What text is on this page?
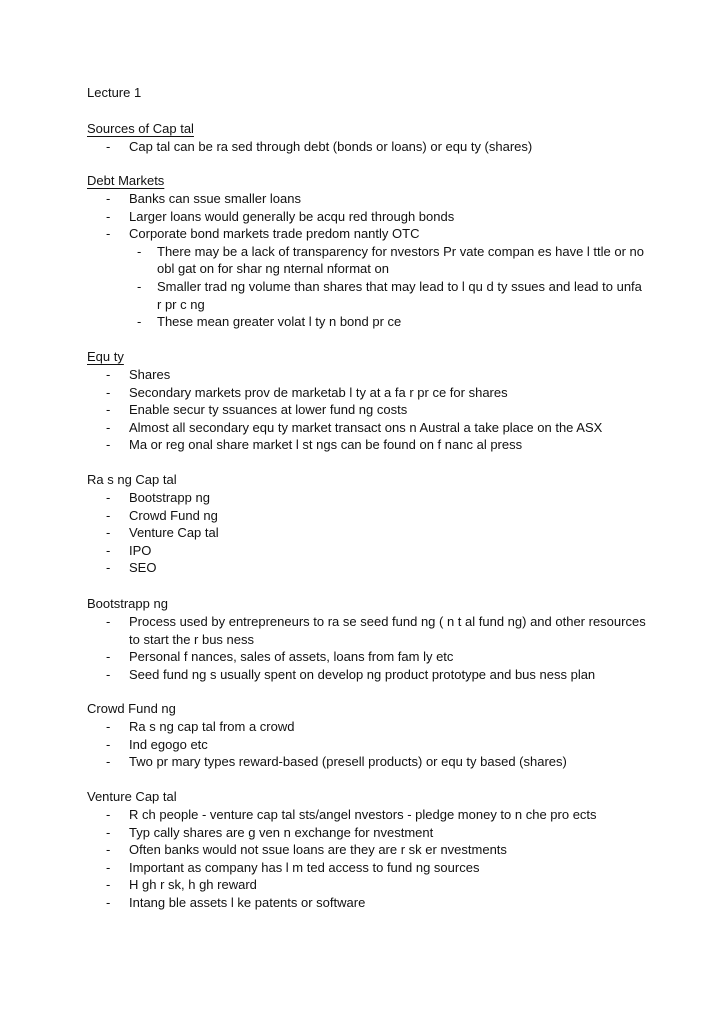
Lecture 1
Sources of Cap tal
- Cap tal can be ra sed through debt (bonds or loans) or equ ty (shares)
Debt Markets
- Banks can ssue smaller loans
- Larger loans would generally be acqu red through bonds
- Corporate bond markets trade predom nantly OTC
- There may be a lack of transparency for nvestors Pr vate compan es have l ttle or no obl gat on for shar ng nternal nformat on
- Smaller trad ng volume than shares that may lead to l qu d ty ssues and lead to unfa r pr c ng
- These mean greater volat l ty n bond pr ce
Equ ty
- Shares
- Secondary markets prov de marketab l ty at a fa r pr ce for shares
- Enable secur ty ssuances at lower fund ng costs
- Almost all secondary equ ty market transact ons n Austral a take place on the ASX
- Ma or reg onal share market l st ngs can be found on f nanc al press
Ra s ng Cap tal
- Bootstrapp ng
- Crowd Fund ng
- Venture Cap tal
- IPO
- SEO
Bootstrapp ng
- Process used by entrepreneurs to ra se seed fund ng ( n t al fund ng) and other resources to start the r bus ness
- Personal f nances, sales of assets, loans from fam ly etc
- Seed fund ng s usually spent on develop ng product prototype and bus ness plan
Crowd Fund ng
- Ra s ng cap tal from a crowd
- Ind egogo etc
- Two pr mary types reward-based (presell products) or equ ty based (shares)
Venture Cap tal
- R ch people - venture cap tal sts/angel nvestors - pledge money to n che pro ects
- Typ cally shares are g ven n exchange for nvestment
- Often banks would not ssue loans are they are r sk er nvestments
- Important as company has l m ted access to fund ng sources
- H gh r sk, h gh reward
- Intang ble assets l ke patents or software
